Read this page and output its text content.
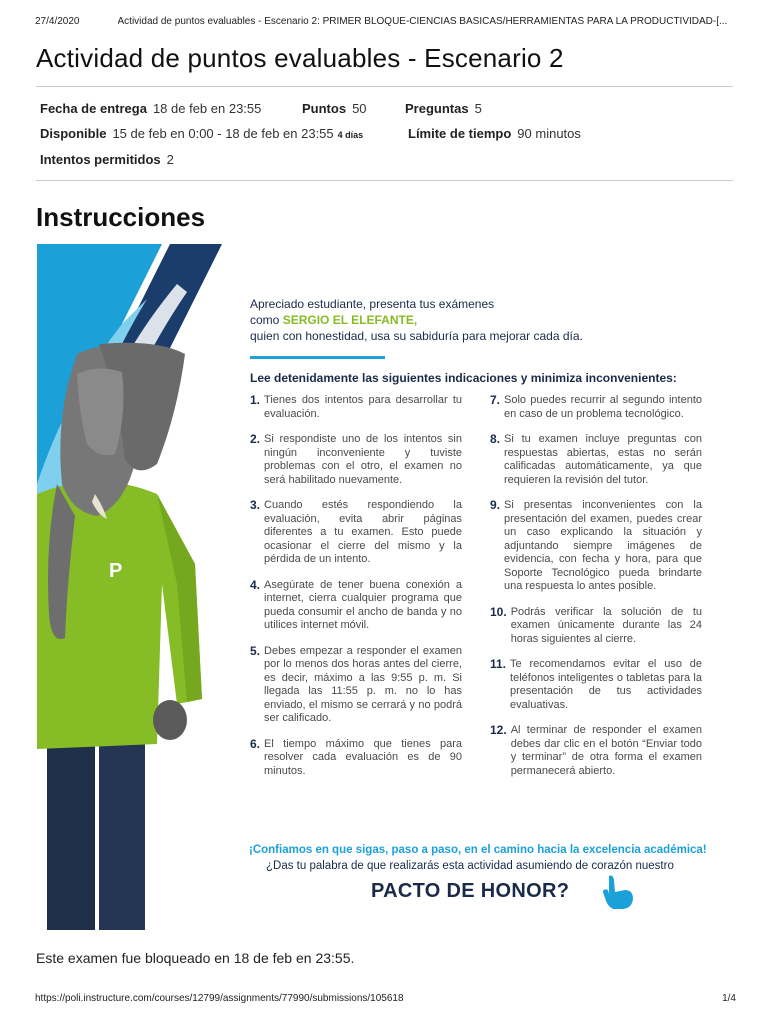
27/4/2020	Actividad de puntos evaluables - Escenario 2: PRIMER BLOQUE-CIENCIAS BASICAS/HERRAMIENTAS PARA LA PRODUCTIVIDAD-[...
Actividad de puntos evaluables - Escenario 2
Fecha de entrega 18 de feb en 23:55	Puntos 50	Preguntas 5
Disponible 15 de feb en 0:00 - 18 de feb en 23:55 4 días	Límite de tiempo 90 minutos
Intentos permitidos 2
Instrucciones
P
Apreciado estudiante, presenta tus exámenes
como SERGIO EL ELEFANTE,
quien con honestidad, usa su sabiduría para mejorar cada día.
Lee detenidamente las siguientes indicaciones y minimiza inconvenientes:
1. Tienes dos intentos para desarrollar tu evaluación.
2. Si respondiste uno de los intentos sin ningún inconveniente y tuviste problemas con el otro, el examen no será habilitado nuevamente.
3. Cuando estés respondiendo la evaluación, evita abrir páginas diferentes a tu examen. Esto puede ocasionar el cierre del mismo y la pérdida de un intento.
4. Asegúrate de tener buena conexión a internet, cierra cualquier programa que pueda consumir el ancho de banda y no utilices internet móvil.
5. Debes empezar a responder el examen por lo menos dos horas antes del cierre, es decir, máximo a las 9:55 p. m. Si llegada las 11:55 p. m. no lo has enviado, el mismo se cerrará y no podrá ser calificado.
6. El tiempo máximo que tienes para resolver cada evaluación es de 90 minutos.
7. Solo puedes recurrir al segundo intento en caso de un problema tecnológico.
8. Si tu examen incluye preguntas con respuestas abiertas, estas no serán calificadas automáticamente, ya que requieren la revisión del tutor.
9. Si presentas inconvenientes con la presentación del examen, puedes crear un caso explicando la situación y adjuntando siempre imágenes de evidencia, con fecha y hora, para que Soporte Tecnológico pueda brindarte una respuesta lo antes posible.
10. Podrás verificar la solución de tu examen únicamente durante las 24 horas siguientes al cierre.
11. Te recomendamos evitar el uso de teléfonos inteligentes o tabletas para la presentación de tus actividades evaluativas.
12. Al terminar de responder el examen debes dar clic en el botón “Enviar todo y terminar” de otra forma el examen permanecerá abierto.
¡Confiamos en que sigas, paso a paso, en el camino hacia la excelencia académica!
¿Das tu palabra de que realizarás esta actividad asumiendo de corazón nuestro
PACTO DE HONOR?
Este examen fue bloqueado en 18 de feb en 23:55.
https://poli.instructure.com/courses/12799/assignments/77990/submissions/105618	1/4
